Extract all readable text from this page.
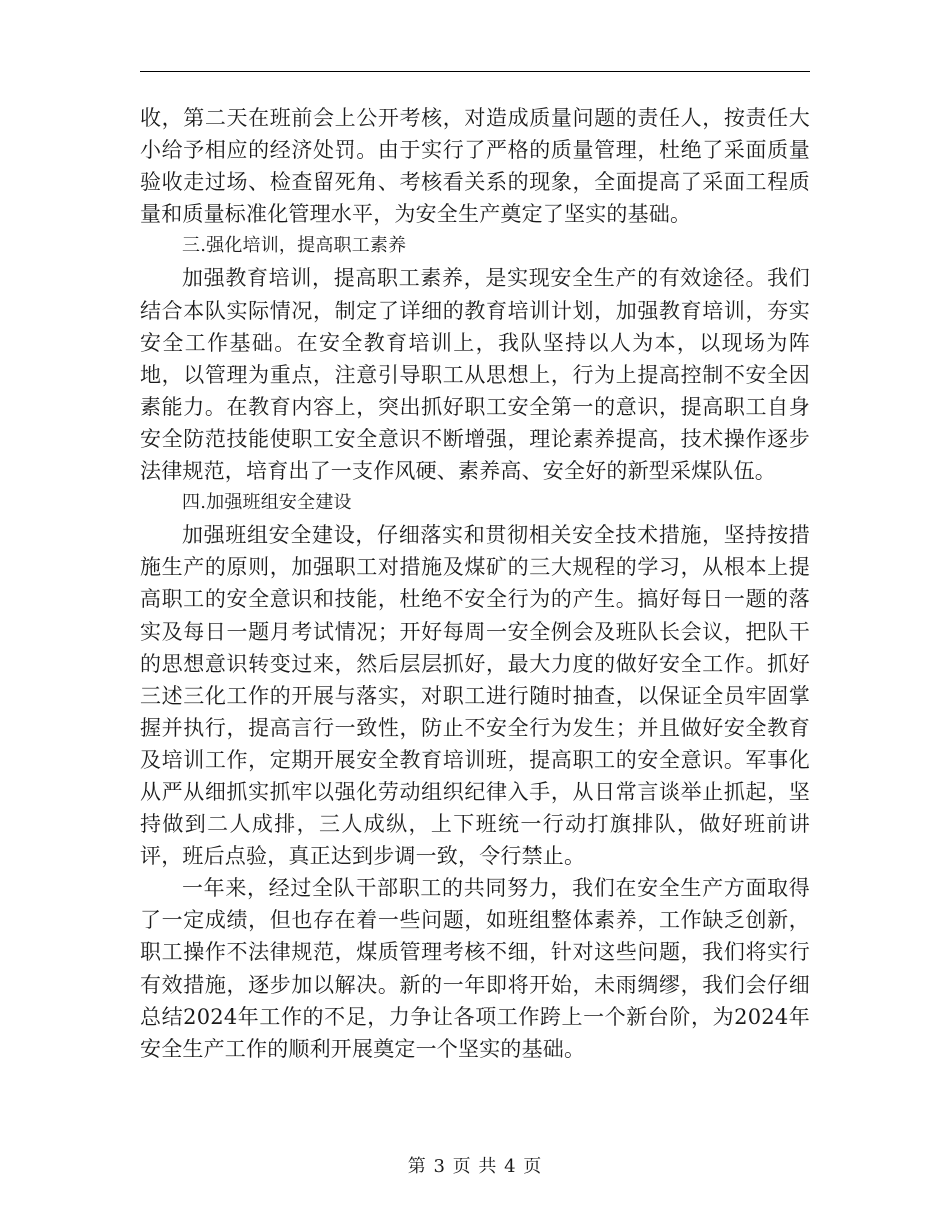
收，第二天在班前会上公开考核，对造成质量问题的责任人，按责任大小给予相应的经济处罚。由于实行了严格的质量管理，杜绝了采面质量验收走过场、检查留死角、考核看关系的现象，全面提高了采面工程质量和质量标准化管理水平，为安全生产奠定了坚实的基础。

三.强化培训，提高职工素养

加强教育培训，提高职工素养，是实现安全生产的有效途径。我们结合本队实际情况，制定了详细的教育培训计划，加强教育培训，夯实安全工作基础。在安全教育培训上，我队坚持以人为本，以现场为阵地，以管理为重点，注意引导职工从思想上，行为上提高控制不安全因素能力。在教育内容上，突出抓好职工安全第一的意识，提高职工自身安全防范技能使职工安全意识不断增强，理论素养提高，技术操作逐步法律规范，培育出了一支作风硬、素养高、安全好的新型采煤队伍。

四.加强班组安全建设

加强班组安全建设，仔细落实和贯彻相关安全技术措施，坚持按措施生产的原则，加强职工对措施及煤矿的三大规程的学习，从根本上提高职工的安全意识和技能，杜绝不安全行为的产生。搞好每日一题的落实及每日一题月考试情况；开好每周一安全例会及班队长会议，把队干的思想意识转变过来，然后层层抓好，最大力度的做好安全工作。抓好三述三化工作的开展与落实，对职工进行随时抽查，以保证全员牢固掌握并执行，提高言行一致性，防止不安全行为发生；并且做好安全教育及培训工作，定期开展安全教育培训班，提高职工的安全意识。军事化从严从细抓实抓牢以强化劳动组织纪律入手，从日常言谈举止抓起，坚持做到二人成排，三人成纵，上下班统一行动打旗排队，做好班前讲评，班后点验，真正达到步调一致，令行禁止。

一年来，经过全队干部职工的共同努力，我们在安全生产方面取得了一定成绩，但也存在着一些问题，如班组整体素养，工作缺乏创新，职工操作不法律规范，煤质管理考核不细，针对这些问题，我们将实行有效措施，逐步加以解决。新的一年即将开始，未雨绸缪，我们会仔细总结2024年工作的不足，力争让各项工作跨上一个新台阶，为2024年安全生产工作的顺利开展奠定一个坚实的基础。

第 3 页 共 4 页
